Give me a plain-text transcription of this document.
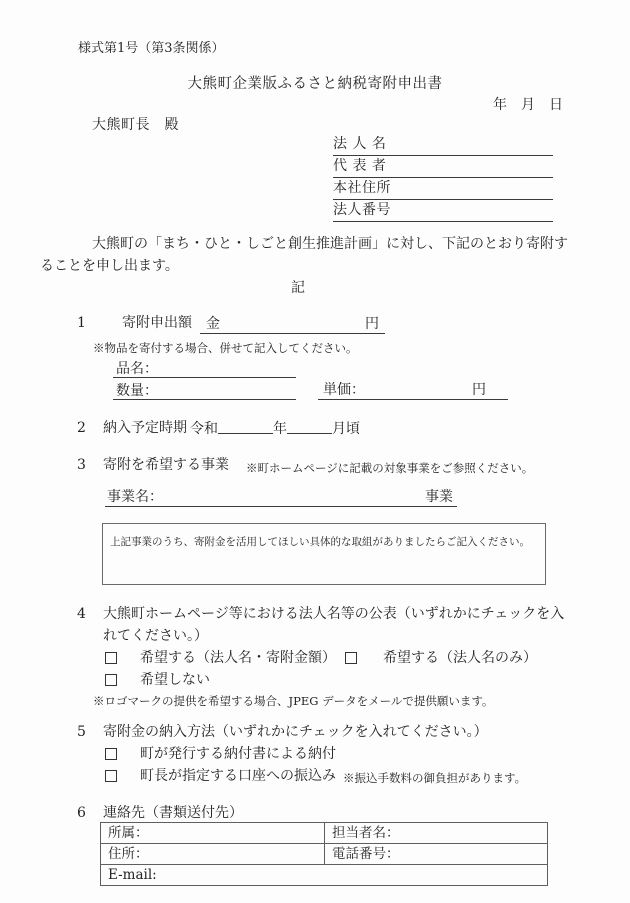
様式第1号（第3条関係）
大熊町企業版ふるさと納税寄附申出書
年　月　日
大熊町長　殿
法 人 名
代 表 者
本社住所
法人番号
大熊町の「まち・ひと・しごと創生推進計画」に対し、下記のとおり寄附す
ることを申し出ます。
記
1	寄附申出額 金	円
※物品を寄付する場合、併せて記入してください。
品名：
数量：	単価：	円
2 納入予定時期 令和	年	月頃
3 寄附を希望する事業 ※町ホームページに記載の対象事業をご参照ください。
事業名：	事業
上記事業のうち、寄附金を活用してほしい具体的な取組がありましたらご記入ください。
4 大熊町ホームページ等における法人名等の公表（いずれかにチェックを入
れてください。）
希望する（法人名・寄附金額）	希望する（法人名のみ）
希望しない
※ロゴマークの提供を希望する場合、JPEG データをメールで提供願います。
5 寄附金の納入方法（いずれかにチェックを入れてください。）
町が発行する納付書による納付
町長が指定する口座への振込み ※振込手数料の御負担があります。
6 連絡先（書類送付先）
所属：	担当者名：
住所：	電話番号：
E-mail:
